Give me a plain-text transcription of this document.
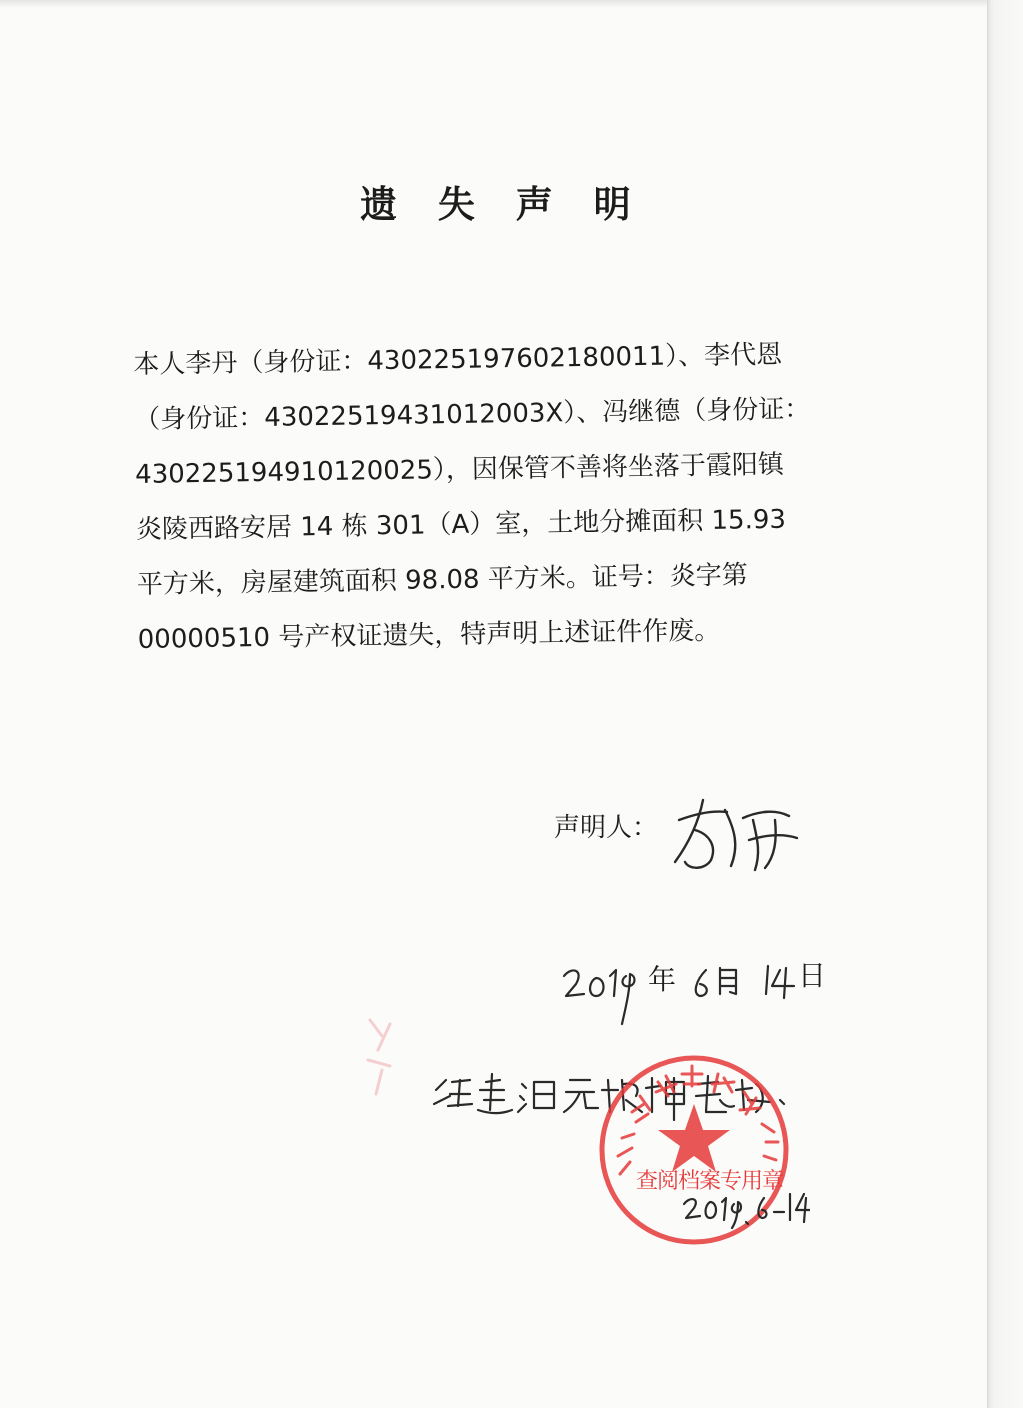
遗 失 声 明
本人李丹（身份证：430225197602180011）、李代恩
（身份证：43022519431012003X）、冯继德（身份证：
430225194910120025），因保管不善将坐落于霞阳镇
炎陵西路安居 14 栋 301（A）室，土地分摊面积 15.93
平方米，房屋建筑面积 98.08 平方米。证号：炎字第
00000510 号产权证遗失，特声明上述证件作废。
声明人：
年	日
查阅档案专用章
